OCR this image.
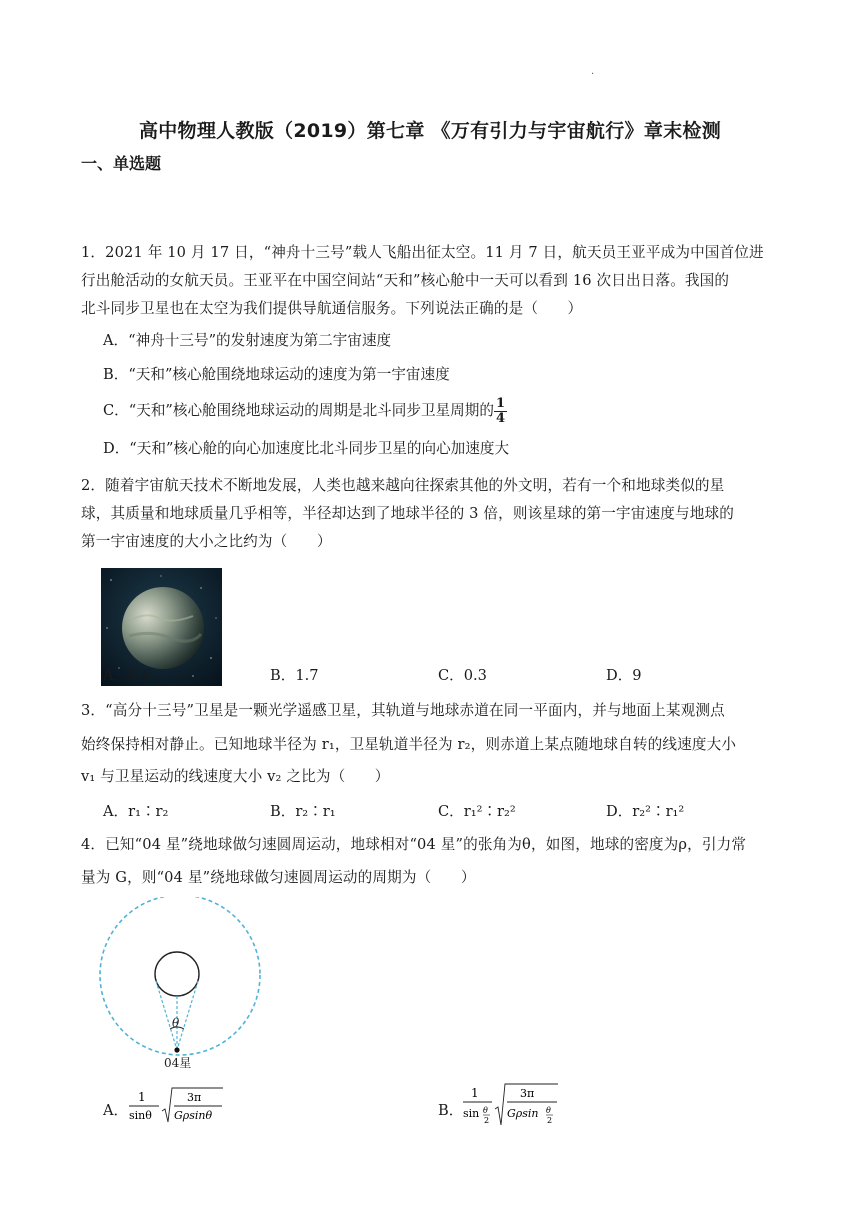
.
高中物理人教版（2019）第七章 《万有引力与宇宙航行》章末检测
一、单选题
1．2021 年 10 月 17 日，“神舟十三号”载人飞船出征太空。11 月 7 日，航天员王亚平成为中国首位进
行出舱活动的女航天员。王亚平在中国空间站“天和”核心舱中一天可以看到 16 次日出日落。我国的
北斗同步卫星也在太空为我们提供导航通信服务。下列说法正确的是（　　）
A．“神舟十三号”的发射速度为第二宇宙速度
B．“天和”核心舱围绕地球运动的速度为第一宇宙速度
C．“天和”核心舱围绕地球运动的周期是北斗同步卫星周期的 $\frac{1}{4}$
D．“天和”核心舱的向心加速度比北斗同步卫星的向心加速度大
2．随着宇宙航天技术不断地发展，人类也越来越向往探索其他的外文明，若有一个和地球类似的星
球，其质量和地球质量几乎相等，半径却达到了地球半径的 3 倍，则该星球的第一宇宙速度与地球的
第一宇宙速度的大小之比约为（　　）
A．0.6	B．1.7	C．0.3	D．9
3．“高分十三号”卫星是一颗光学遥感卫星，其轨道与地球赤道在同一平面内，并与地面上某观测点
始终保持相对静止。已知地球半径为 r₁，卫星轨道半径为 r₂，则赤道上某点随地球自转的线速度大小
v₁ 与卫星运动的线速度大小 v₂ 之比为（　　）
A．r₁∶r₂	B．r₂∶r₁	C．r₁²∶r₂²	D．r₂²∶r₁²
4．已知“04 星”绕地球做匀速圆周运动，地球相对“04 星”的张角为θ，如图，地球的密度为ρ，引力常
量为 G，则“04 星”绕地球做匀速圆周运动的周期为（　　）
θ
04星
A．
1
sinθ
3π
Gρsinθ	B．
1
sin θ
2
3π
Gρsin θ
2
